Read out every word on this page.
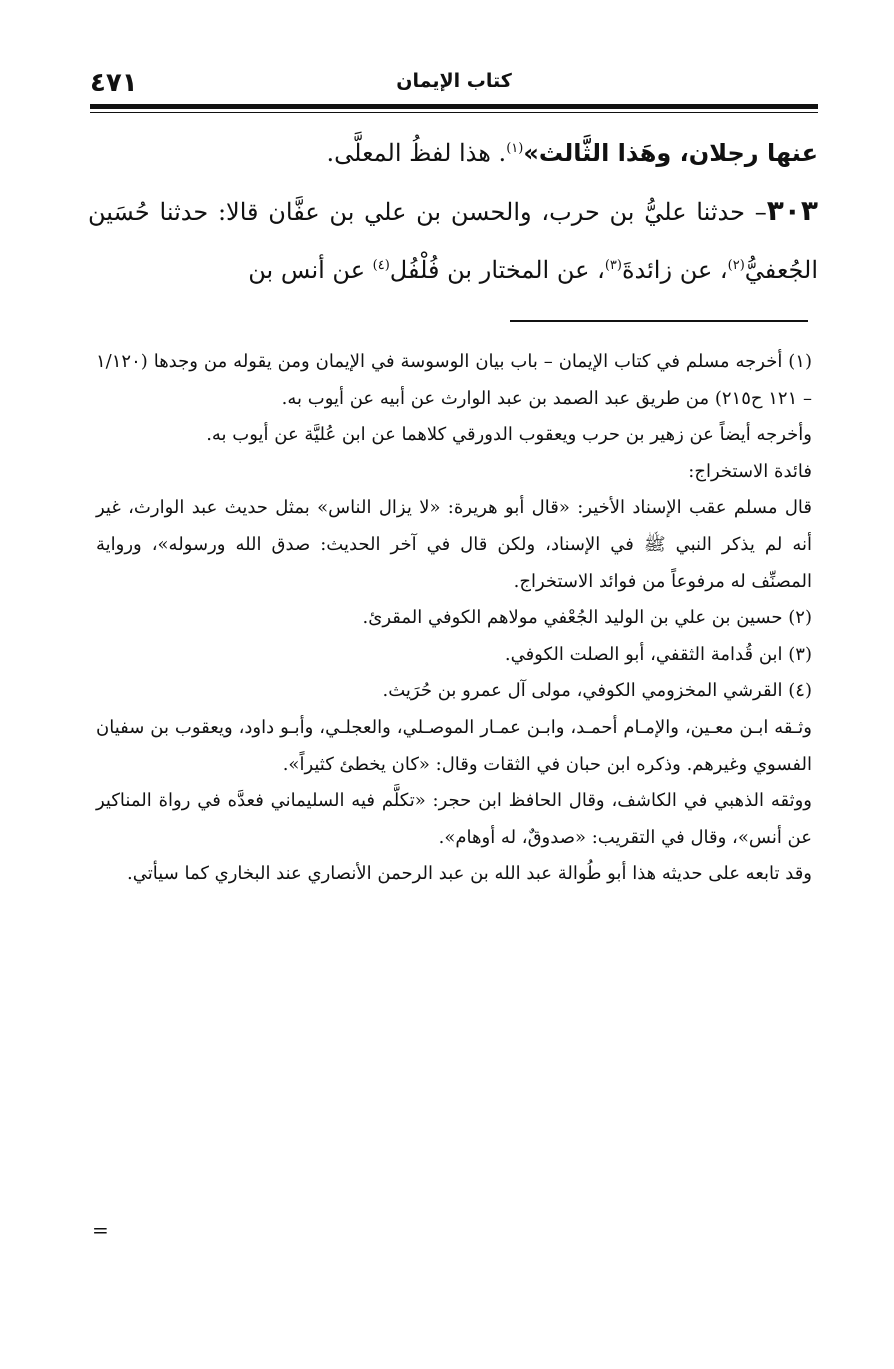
٤٧١	كتاب الإيمان

عنها رجلان، وهَذا الثَّالث»$^{(١)}$. هذا لفظُ المعلَّى.

٣٠٣– حدثنا عليُّ بن حرب، والحسن بن علي بن عفَّان قالا: حدثنا حُسَين الجُعفيُّ$^{(٢)}$، عن زائدةَ$^{(٣)}$، عن المختار بن فُلْفُل$^{(٤)}$ عن أنس بن

(١) أخرجه مسلم في كتاب الإيمان – باب بيان الوسوسة في الإيمان ومن يقوله من وجدها (١/١٢٠ – ١٢١ ح٢١٥) من طريق عبد الصمد بن عبد الوارث عن أبيه عن أيوب به.

وأخرجه أيضاً عن زهير بن حرب ويعقوب الدورقي كلاهما عن ابن عُليَّة عن أيوب به.

فائدة الاستخراج:

قال مسلم عقب الإسناد الأخير: «قال أبو هريرة: «لا يزال الناس» بمثل حديث عبد الوارث، غير أنه لم يذكر النبي ﷺ في الإسناد، ولكن قال في آخر الحديث: صدق الله ورسوله»، ورواية المصنِّف له مرفوعاً من فوائد الاستخراج.

(٢) حسين بن علي بن الوليد الجُعْفي مولاهم الكوفي المقرئ.

(٣) ابن قُدامة الثقفي، أبو الصلت الكوفي.

(٤) القرشي المخزومي الكوفي، مولى آل عمرو بن حُرَيث.

وثـقه ابـن معـين، والإمـام أحمـد، وابـن عمـار الموصـلي، والعجلـي، وأبـو داود، ويعقوب بن سفيان الفسوي وغيرهم. وذكره ابن حبان في الثقات وقال: «كان يخطئ كثيراً».

ووثقه الذهبي في الكاشف، وقال الحافظ ابن حجر: «تكلَّم فيه السليماني فعدَّه في رواة المناكير عن أنس»، وقال في التقريب: «صدوقٌ، له أوهام».

وقد تابعه على حديثه هذا أبو طُوالة عبد الله بن عبد الرحمن الأنصاري عند البخاري كما سيأتي.

=
